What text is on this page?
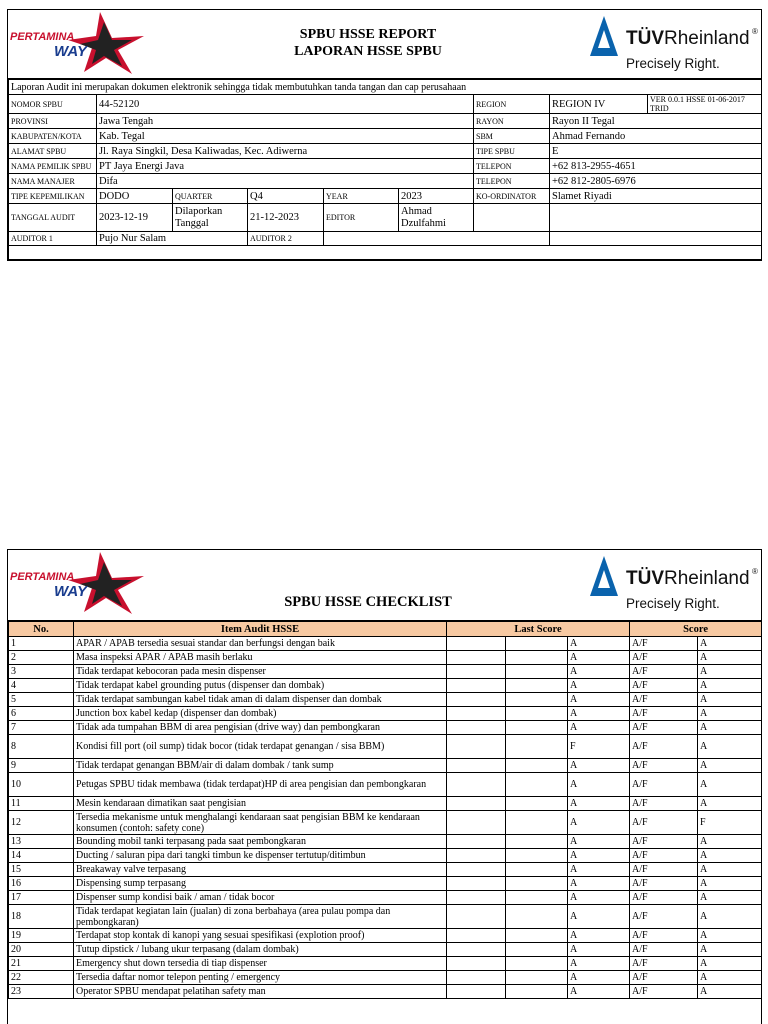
PERTAMINA
WAY
SPBU HSSE REPORT
LAPORAN HSSE SPBU
TÜVRheinland ®
Precisely Right.
Laporan Audit ini merupakan dokumen elektronik sehingga tidak membutuhkan tanda tangan dan cap perusahaan								
NOMOR SPBU	44-52120					REGION	REGION IV	VER 0.0.1 HSSE 01-06-2017 TRID
PROVINSI	Jawa Tengah					RAYON	Rayon II Tegal	
KABUPATEN/KOTA	Kab. Tegal					SBM	Ahmad Fernando	
ALAMAT SPBU	Jl. Raya Singkil, Desa Kaliwadas, Kec. Adiwerna					TIPE SPBU	E	
NAMA PEMILIK SPBU	PT Jaya Energi Java					TELEPON	+62 813-2955-4651	
NAMA MANAJER	Difa					TELEPON	+62 812-2805-6976	
TIPE KEPEMILIKAN	DODO	QUARTER	Q4	YEAR	2023	KO-ORDINATOR	Slamet Riyadi	
TANGGAL AUDIT	2023-12-19	Dilaporkan Tanggal	21-12-2023	EDITOR	Ahmad Dzulfahmi			
AUDITOR 1	Pujo Nur Salam		AUDITOR 2					

PERTAMINA
WAY
SPBU HSSE CHECKLIST
TÜVRheinland ®
Precisely Right.
No.	Item Audit HSSE	Last Score			Score	
1	APAR / APAB tersedia sesuai standar dan berfungsi dengan baik			A	A/F	A
2	Masa inspeksi APAR / APAB masih berlaku			A	A/F	A
3	Tidak terdapat kebocoran pada mesin dispenser			A	A/F	A
4	Tidak terdapat kabel grounding putus (dispenser dan dombak)			A	A/F	A
5	Tidak terdapat sambungan kabel tidak aman di dalam dispenser dan dombak			A	A/F	A
6	Junction box kabel kedap (dispenser dan dombak)			A	A/F	A
7	Tidak ada tumpahan BBM di area pengisian (drive way) dan pembongkaran			A	A/F	A
8	Kondisi fill port (oil sump) tidak bocor (tidak terdapat genangan / sisa BBM)			F	A/F	A
9	Tidak terdapat genangan BBM/air di dalam dombak / tank sump			A	A/F	A
10	Petugas SPBU tidak membawa (tidak terdapat)HP di area pengisian dan pembongkaran			A	A/F	A
11	Mesin kendaraan dimatikan saat pengisian			A	A/F	A
12	Tersedia mekanisme untuk menghalangi kendaraan saat pengisian BBM ke kendaraan konsumen (contoh: safety cone)			A	A/F	F
13	Bounding mobil tanki terpasang pada saat pembongkaran			A	A/F	A
14	Ducting / saluran pipa dari tangki timbun ke dispenser tertutup/ditimbun			A	A/F	A
15	Breakaway valve terpasang			A	A/F	A
16	Dispensing sump terpasang			A	A/F	A
17	Dispenser sump kondisi baik / aman / tidak bocor			A	A/F	A
18	Tidak terdapat kegiatan lain (jualan) di zona berbahaya (area pulau pompa dan pembongkaran)			A	A/F	A
19	Terdapat stop kontak di kanopi yang sesuai spesifikasi (explotion proof)			A	A/F	A
20	Tutup dipstick / lubang ukur terpasang (dalam dombak)			A	A/F	A
21	Emergency shut down tersedia di tiap dispenser			A	A/F	A
22	Tersedia daftar nomor telepon penting / emergency			A	A/F	A
23	Operator SPBU mendapat pelatihan safety man			A	A/F	A
